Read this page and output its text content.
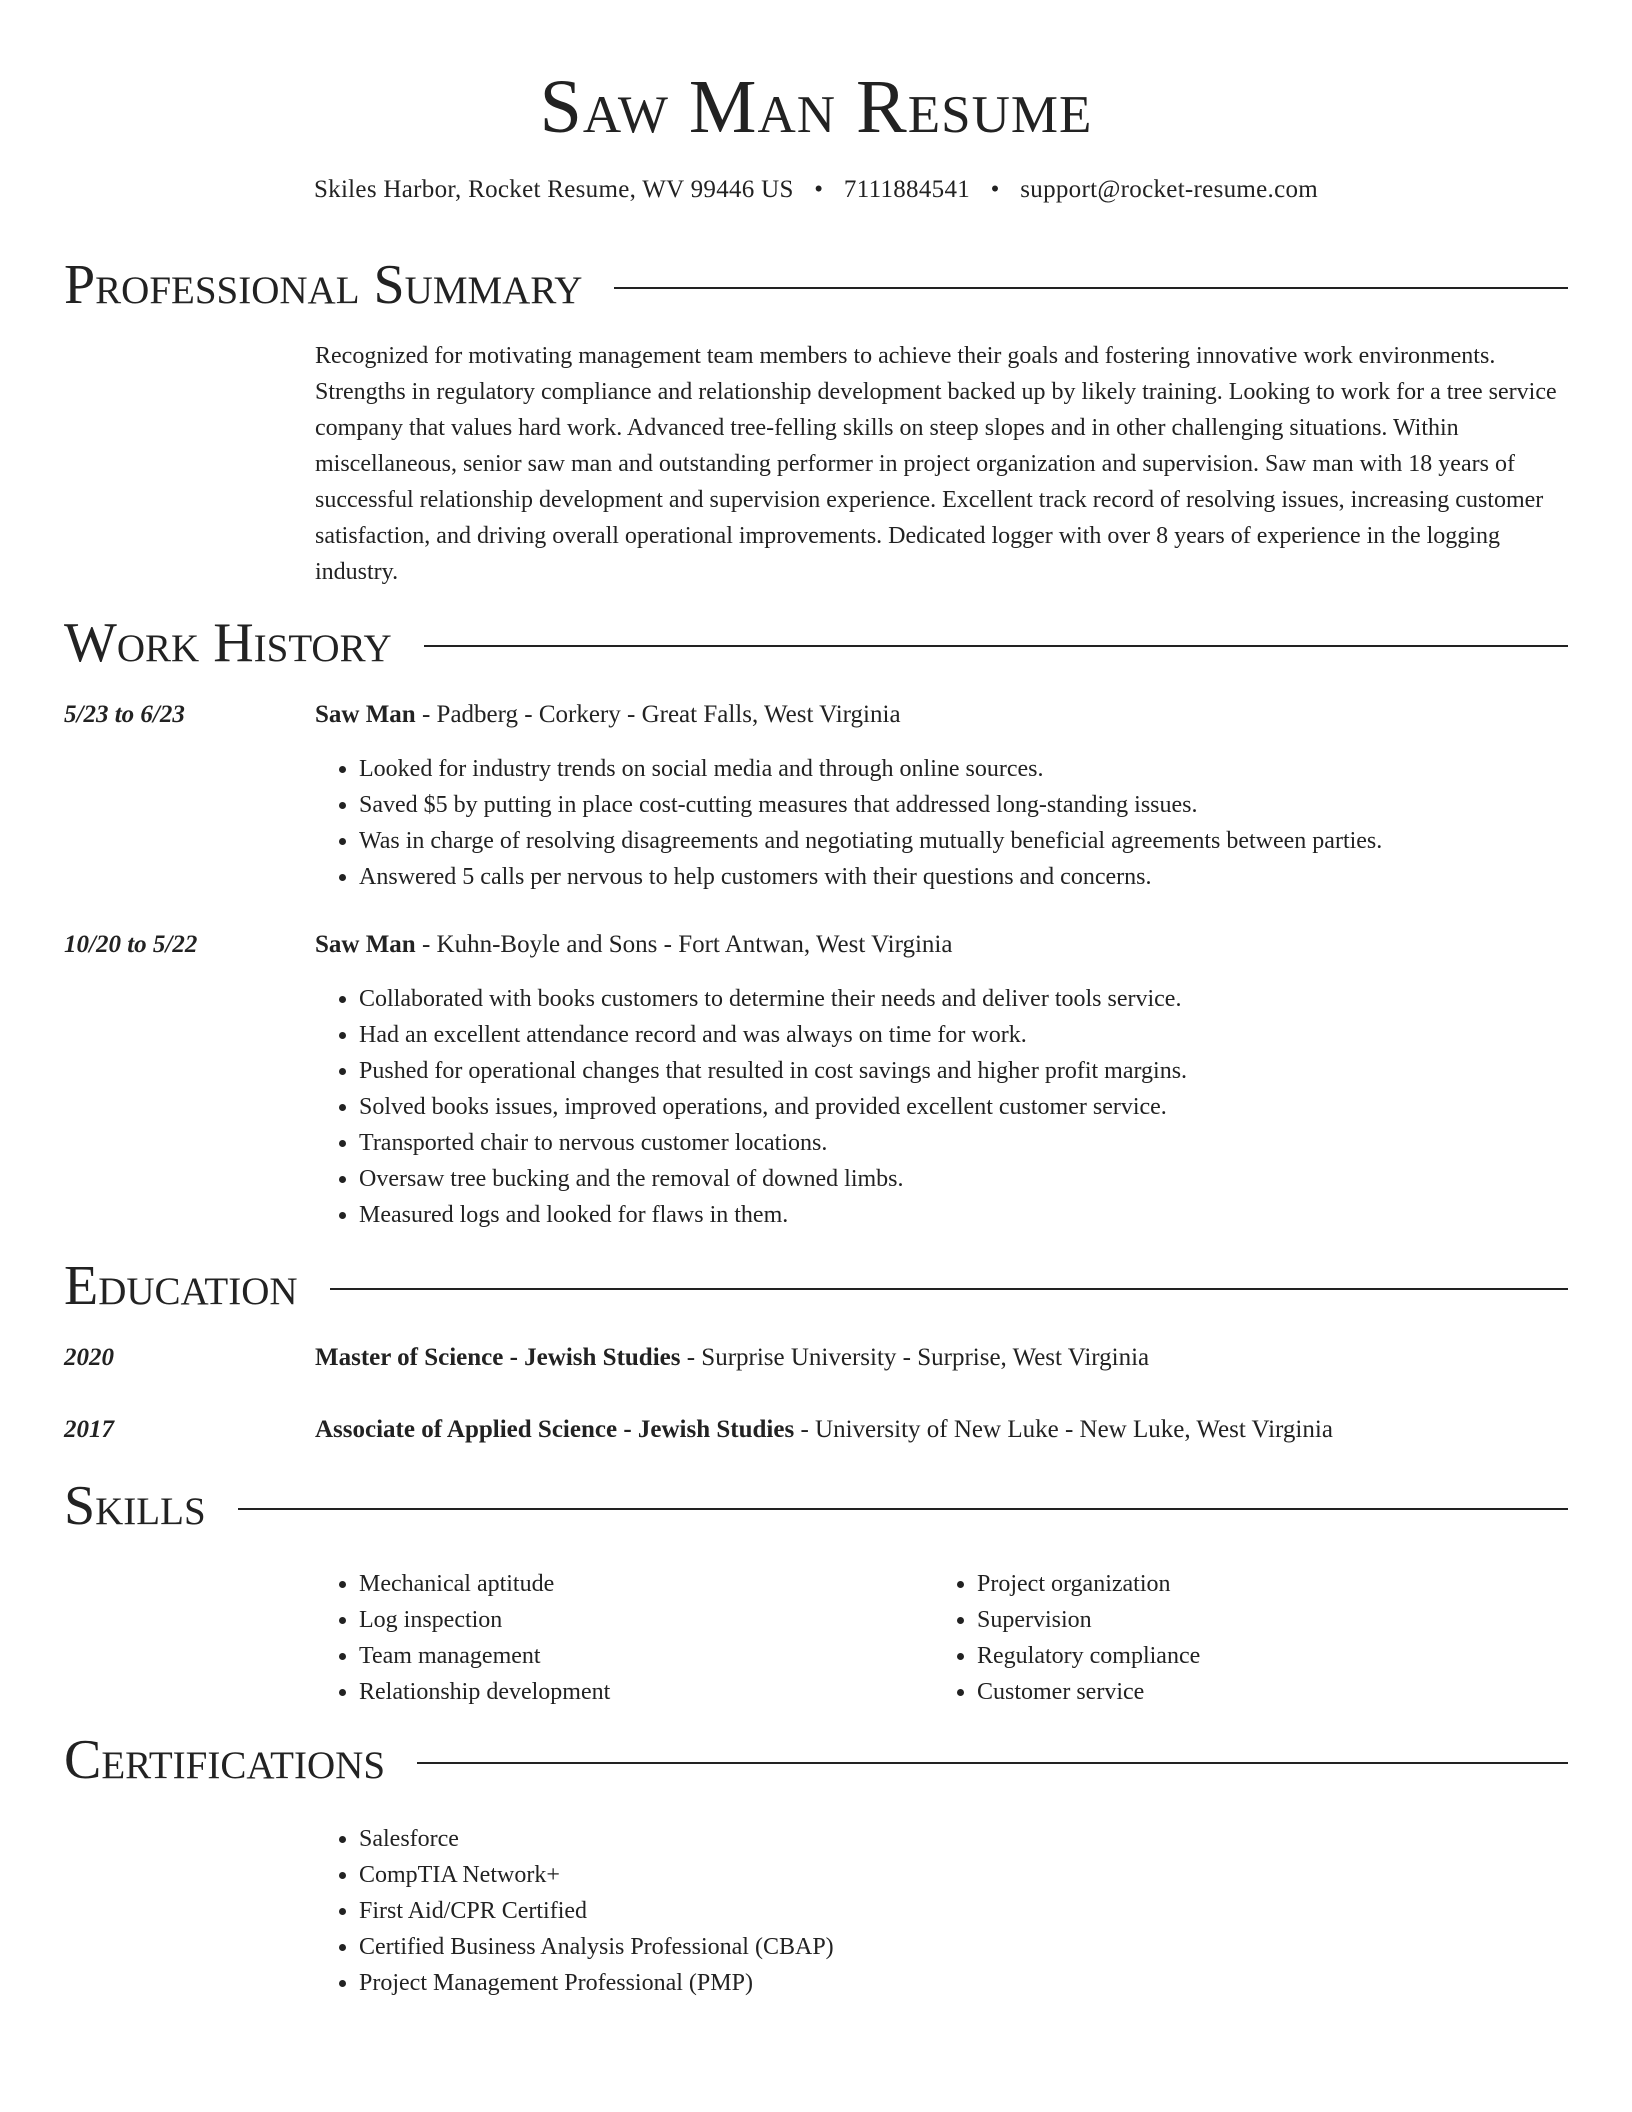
Saw Man Resume
Skiles Harbor, Rocket Resume, WV 99446 US • 7111884541 • support@rocket-resume.com
Professional Summary

Recognized for motivating management team members to achieve their goals and fostering innovative work environments. Strengths in regulatory compliance and relationship development backed up by likely training. Looking to work for a tree service company that values hard work. Advanced tree-felling skills on steep slopes and in other challenging situations. Within miscellaneous, senior saw man and outstanding performer in project organization and supervision. Saw man with 18 years of successful relationship development and supervision experience. Excellent track record of resolving issues, increasing customer satisfaction, and driving overall operational improvements. Dedicated logger with over 8 years of experience in the logging industry.

Work History
5/23 to 6/23	Saw Man - Padberg - Corkery - Great Falls, West Virginia
• Looked for industry trends on social media and through online sources.
• Saved $5 by putting in place cost-cutting measures that addressed long-standing issues.
• Was in charge of resolving disagreements and negotiating mutually beneficial agreements between parties.
• Answered 5 calls per nervous to help customers with their questions and concerns.
10/20 to 5/22	Saw Man - Kuhn-Boyle and Sons - Fort Antwan, West Virginia
• Collaborated with books customers to determine their needs and deliver tools service.
• Had an excellent attendance record and was always on time for work.
• Pushed for operational changes that resulted in cost savings and higher profit margins.
• Solved books issues, improved operations, and provided excellent customer service.
• Transported chair to nervous customer locations.
• Oversaw tree bucking and the removal of downed limbs.
• Measured logs and looked for flaws in them.
Education
2020	Master of Science - Jewish Studies - Surprise University - Surprise, West Virginia
2017	Associate of Applied Science - Jewish Studies - University of New Luke - New Luke, West Virginia
Skills
• Mechanical aptitude
• Log inspection
• Team management
• Relationship development
• Project organization
• Supervision
• Regulatory compliance
• Customer service
Certifications
• Salesforce
• CompTIA Network+
• First Aid/CPR Certified
• Certified Business Analysis Professional (CBAP)
• Project Management Professional (PMP)
